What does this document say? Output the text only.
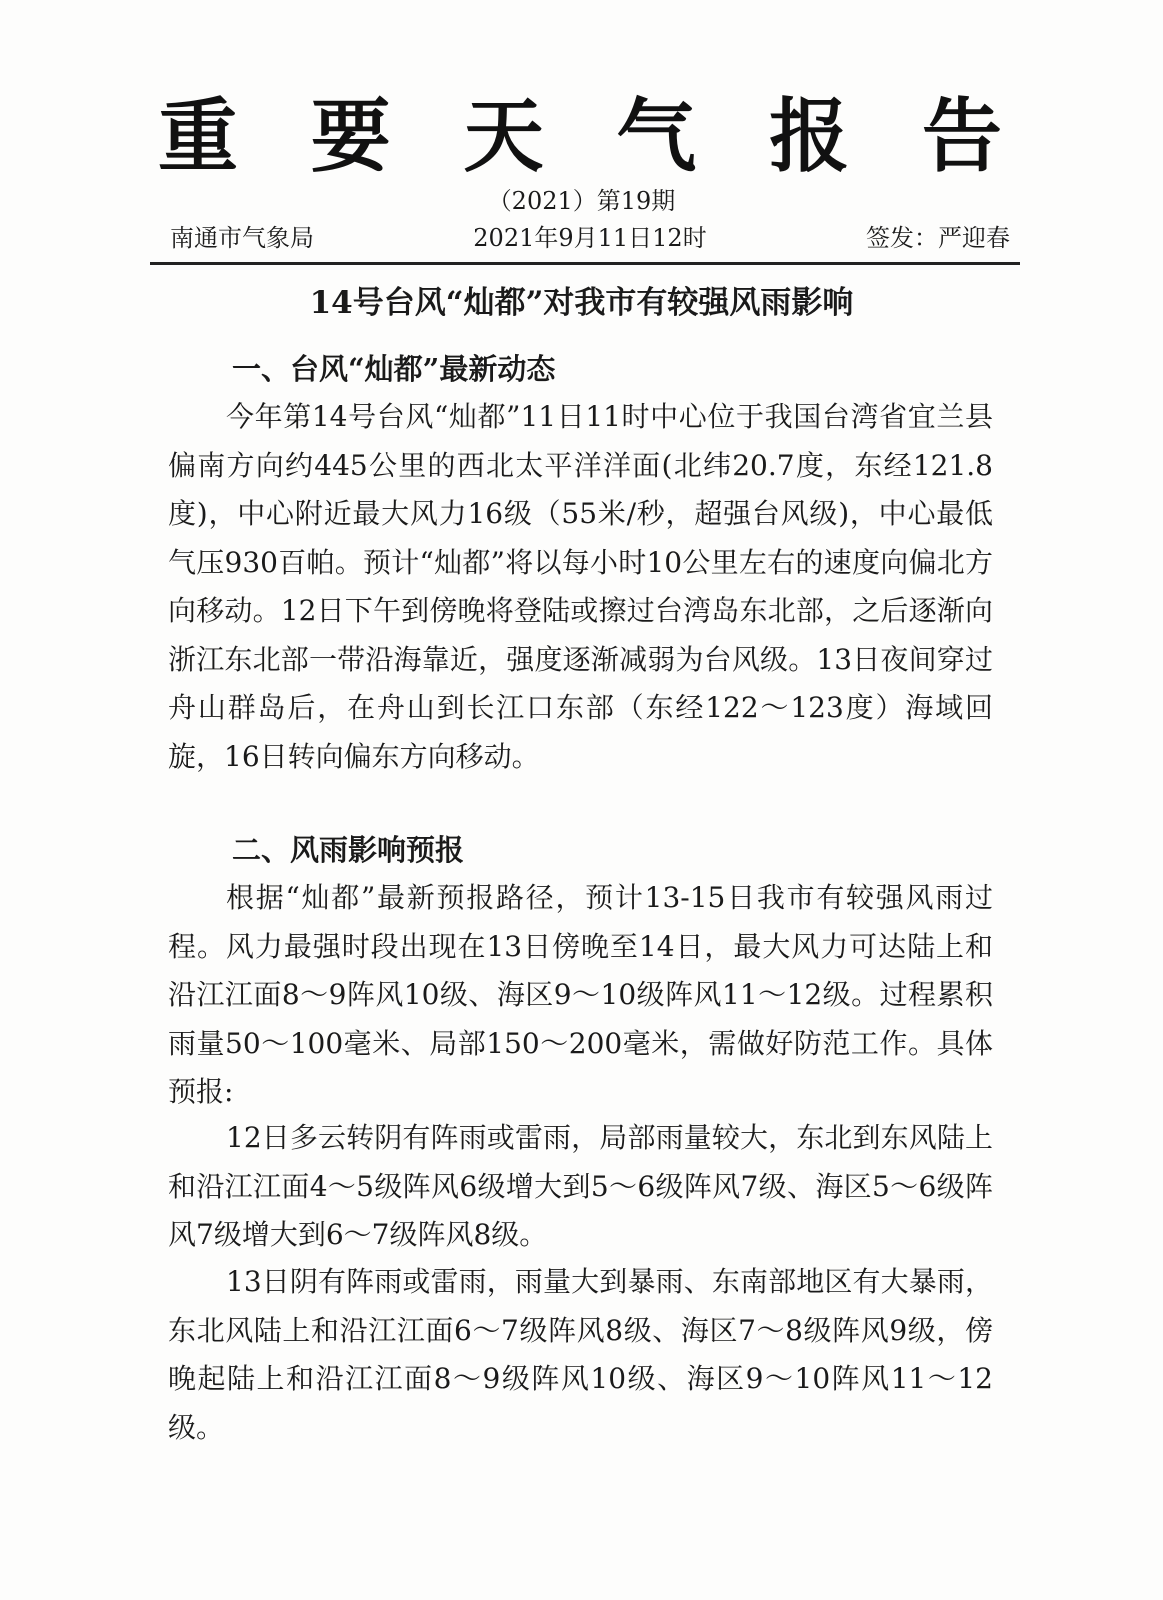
重 要 天 气 报 告
（2021）第19期
南通市气象局	2021年9月11日12时	签发：严迎春
14号台风“灿都”对我市有较强风雨影响
一、台风“灿都”最新动态

今年第14号台风“灿都”11日11时中心位于我国台湾省宜兰县偏南方向约445公里的西北太平洋洋面(北纬20.7度，东经121.8度)，中心附近最大风力16级（55米/秒，超强台风级)，中心最低气压930百帕。预计“灿都”将以每小时10公里左右的速度向偏北方向移动。12日下午到傍晚将登陆或擦过台湾岛东北部，之后逐渐向浙江东北部一带沿海靠近，强度逐渐减弱为台风级。13日夜间穿过舟山群岛后，在舟山到长江口东部（东经122～123度）海域回旋，16日转向偏东方向移动。

二、风雨影响预报

根据“灿都”最新预报路径，预计13-15日我市有较强风雨过程。风力最强时段出现在13日傍晚至14日，最大风力可达陆上和沿江江面8～9阵风10级、海区9～10级阵风11～12级。过程累积雨量50～100毫米、局部150～200毫米，需做好防范工作。具体预报:

12日多云转阴有阵雨或雷雨，局部雨量较大，东北到东风陆上和沿江江面4～5级阵风6级增大到5～6级阵风7级、海区5～6级阵风7级增大到6～7级阵风8级。

13日阴有阵雨或雷雨，雨量大到暴雨、东南部地区有大暴雨，东北风陆上和沿江江面6～7级阵风8级、海区7～8级阵风9级，傍晚起陆上和沿江江面8～9级阵风10级、海区9～10阵风11～12级。
